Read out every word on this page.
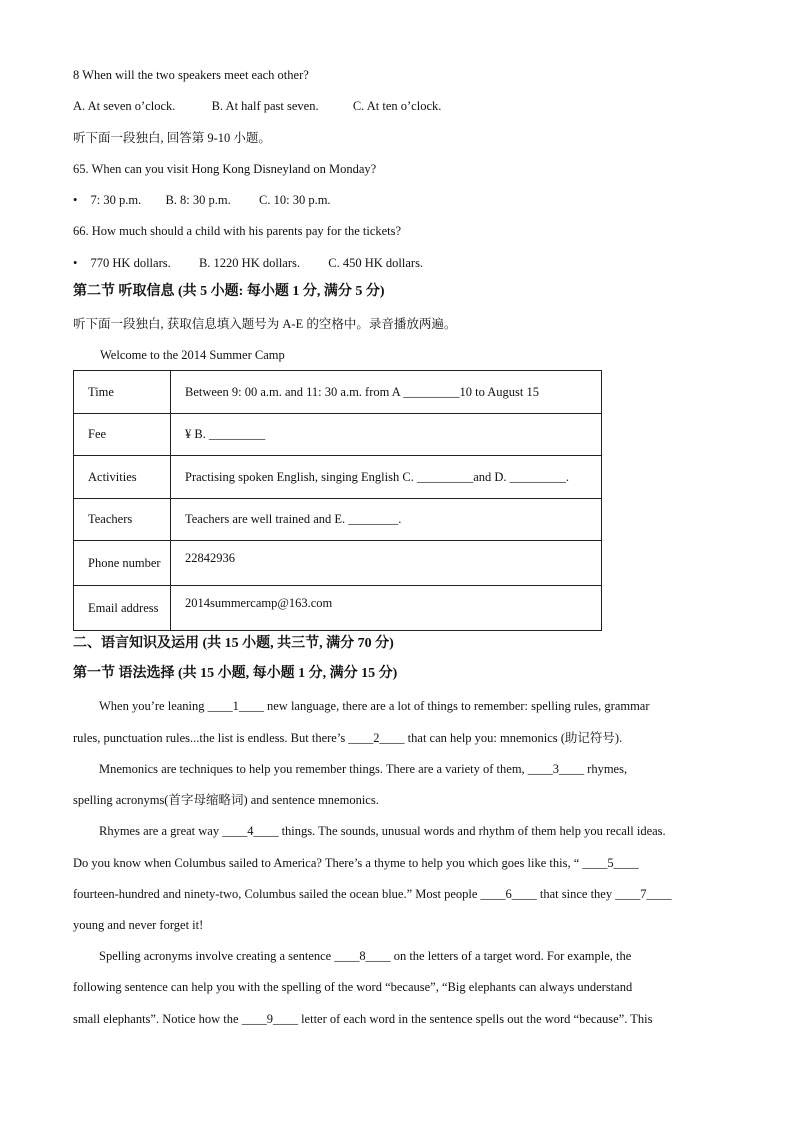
8 When will the two speakers meet each other?
A. At seven o’clock.	B. At half past seven.	C. At ten o’clock.
听下面一段独白, 回答第 9-10 小题。
65. When can you visit Hong Kong Disneyland on Monday?
• 7: 30 p.m. B. 8: 30 p.m. C. 10: 30 p.m.
66. How much should a child with his parents pay for the tickets?
• 770 HK dollars. B. 1220 HK dollars. C. 450 HK dollars.
第二节 听取信息 (共 5 小题: 每小题 1 分, 满分 5 分)
听下面一段独白, 获取信息填入题号为 A-E 的空格中。录音播放两遍。
Welcome to the 2014 Summer Camp
Time	Between 9: 00 a.m. and 11: 30 a.m. from A _________10 to August 15
Fee	¥ B. _________
Activities	Practising spoken English, singing English C. _________and D. _________.
Teachers	Teachers are well trained and E. ________.
Phone number	22842936
Email address	2014summercamp@163.com
二、语言知识及运用 (共 15 小题, 共三节, 满分 70 分)
第一节 语法选择 (共 15 小题, 每小题 1 分, 满分 15 分)
When you’re leaning ____1____ new language, there are a lot of things to remember: spelling rules, grammar
rules, punctuation rules...the list is endless. But there’s ____2____ that can help you: mnemonics (助记符号).
Mnemonics are techniques to help you remember things. There are a variety of them, ____3____ rhymes,
spelling acronyms(首字母缩略词) and sentence mnemonics.
Rhymes are a great way ____4____ things. The sounds, unusual words and rhythm of them help you recall ideas.
Do you know when Columbus sailed to America? There’s a thyme to help you which goes like this, “ ____5____
fourteen-hundred and ninety-two, Columbus sailed the ocean blue.” Most people ____6____ that since they ____7____
young and never forget it!
Spelling acronyms involve creating a sentence ____8____ on the letters of a target word. For example, the
following sentence can help you with the spelling of the word “because”, “Big elephants can always understand
small elephants”. Notice how the ____9____ letter of each word in the sentence spells out the word “because”. This
